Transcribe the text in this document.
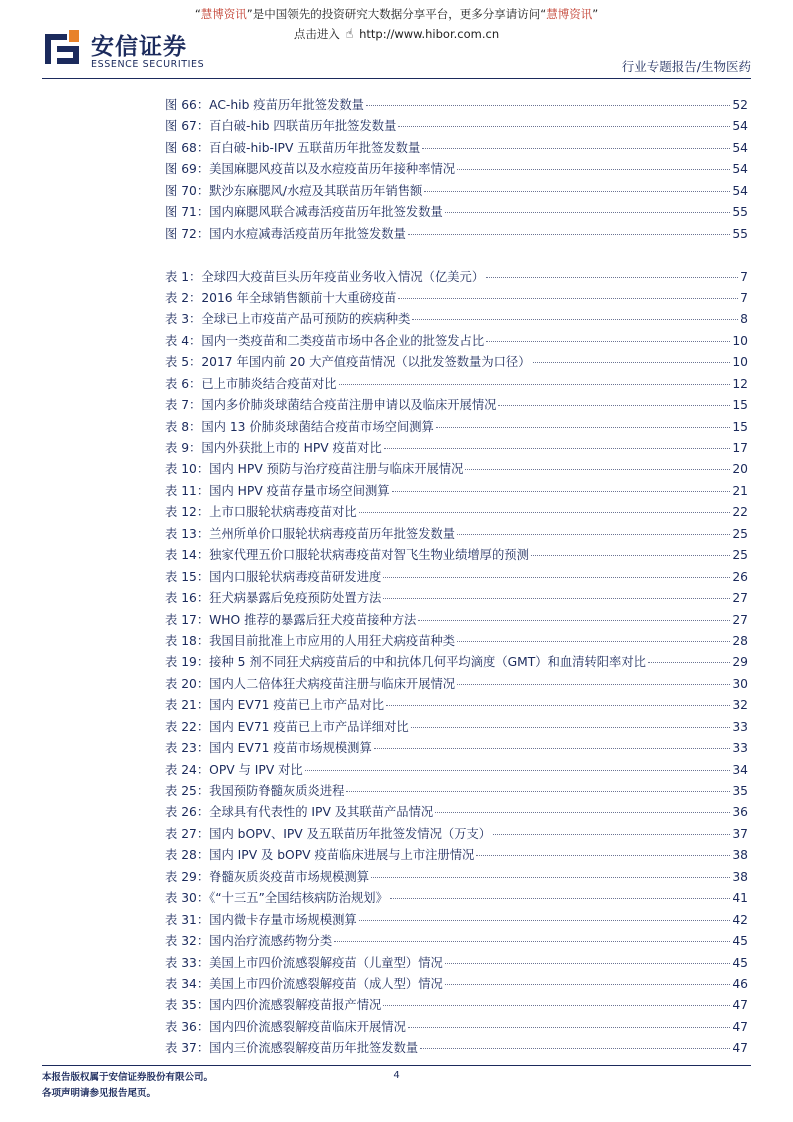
“慧博资讯”是中国领先的投资研究大数据分享平台，更多分享请访问“慧博资讯”
点击进入 ☝ http://www.hibor.com.cn
安信证券
ESSENCE SECURITIES	行业专题报告/生物医药
图 66：AC-hib 疫苗历年批签发数量	52
图 67：百白破-hib 四联苗历年批签发数量	54
图 68：百白破-hib-IPV 五联苗历年批签发数量	54
图 69：美国麻腮风疫苗以及水痘疫苗历年接种率情况	54
图 70：默沙东麻腮风/水痘及其联苗历年销售额	54
图 71：国内麻腮风联合减毒活疫苗历年批签发数量	55
图 72：国内水痘减毒活疫苗历年批签发数量	55
表 1：全球四大疫苗巨头历年疫苗业务收入情况（亿美元）	7
表 2：2016 年全球销售额前十大重磅疫苗	7
表 3：全球已上市疫苗产品可预防的疾病种类	8
表 4：国内一类疫苗和二类疫苗市场中各企业的批签发占比	10
表 5：2017 年国内前 20 大产值疫苗情况（以批发签数量为口径）	10
表 6：已上市肺炎结合疫苗对比	12
表 7：国内多价肺炎球菌结合疫苗注册申请以及临床开展情况	15
表 8：国内 13 价肺炎球菌结合疫苗市场空间测算	15
表 9：国内外获批上市的 HPV 疫苗对比	17
表 10：国内 HPV 预防与治疗疫苗注册与临床开展情况	20
表 11：国内 HPV 疫苗存量市场空间测算	21
表 12：上市口服轮状病毒疫苗对比	22
表 13：兰州所单价口服轮状病毒疫苗历年批签发数量	25
表 14：独家代理五价口服轮状病毒疫苗对智飞生物业绩增厚的预测	25
表 15：国内口服轮状病毒疫苗研发进度	26
表 16：狂犬病暴露后免疫预防处置方法	27
表 17：WHO 推荐的暴露后狂犬疫苗接种方法	27
表 18：我国目前批准上市应用的人用狂犬病疫苗种类	28
表 19：接种 5 剂不同狂犬病疫苗后的中和抗体几何平均滴度（GMT）和血清转阳率对比	29
表 20：国内人二倍体狂犬病疫苗注册与临床开展情况	30
表 21：国内 EV71 疫苗已上市产品对比	32
表 22：国内 EV71 疫苗已上市产品详细对比	33
表 23：国内 EV71 疫苗市场规模测算	33
表 24：OPV 与 IPV 对比	34
表 25：我国预防脊髓灰质炎进程	35
表 26：全球具有代表性的 IPV 及其联苗产品情况	36
表 27：国内 bOPV、IPV 及五联苗历年批签发情况（万支）	37
表 28：国内 IPV 及 bOPV 疫苗临床进展与上市注册情况	38
表 29：脊髓灰质炎疫苗市场规模测算	38
表 30：《“十三五”全国结核病防治规划》	41
表 31：国内微卡存量市场规模测算	42
表 32：国内治疗流感药物分类	45
表 33：美国上市四价流感裂解疫苗（儿童型）情况	45
表 34：美国上市四价流感裂解疫苗（成人型）情况	46
表 35：国内四价流感裂解疫苗报产情况	47
表 36：国内四价流感裂解疫苗临床开展情况	47
表 37：国内三价流感裂解疫苗历年批签发数量	47
本报告版权属于安信证券股份有限公司。
各项声明请参见报告尾页。
4
